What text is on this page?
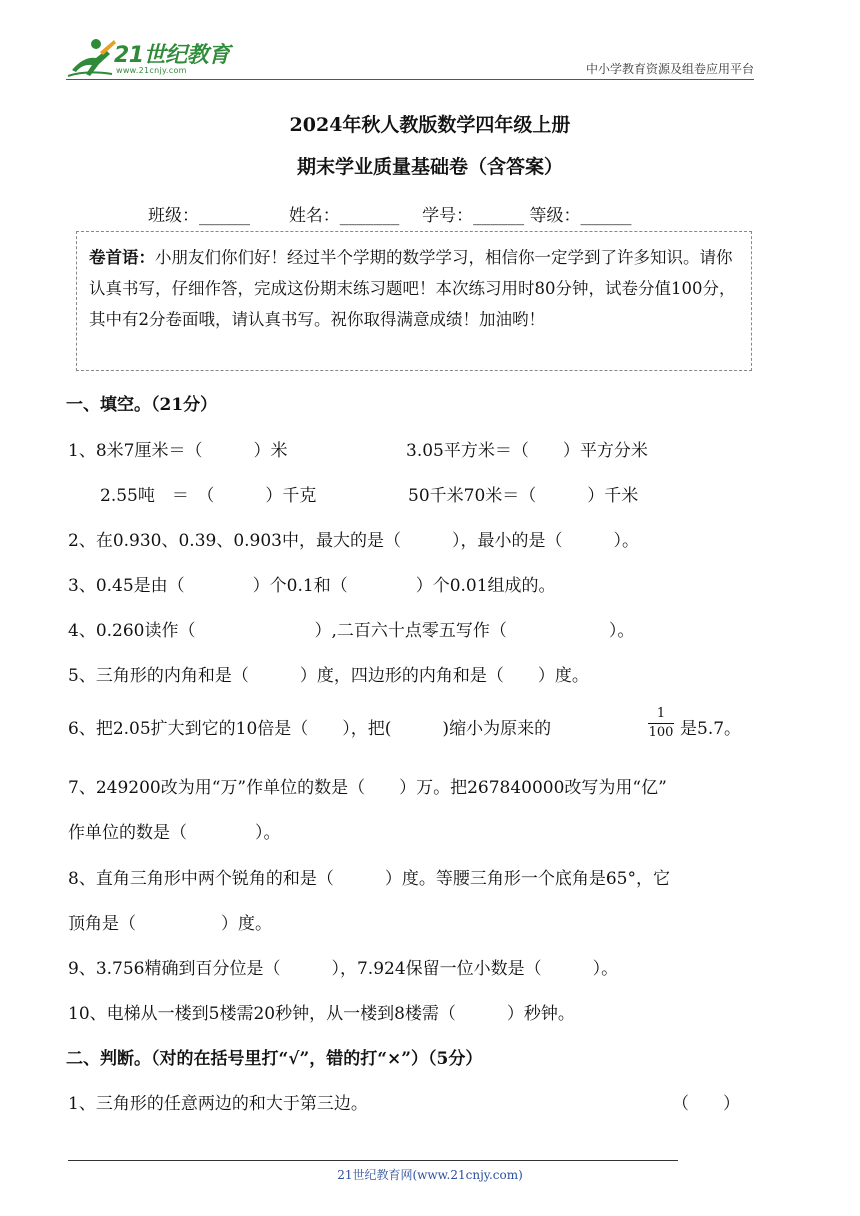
21世纪教育
www.21cnjy.com	中小学教育资源及组卷应用平台
2024年秋人教版数学四年级上册
期末学业质量基础卷（含答案）
班级：______ 姓名：_______ 学号：______ 等级：______
卷首语：小朋友们你们好！经过半个学期的数学学习，相信你一定学到了许多知识。请你认真书写，仔细作答，完成这份期末练习题吧！本次练习用时80分钟，试卷分值100分，其中有2分卷面哦，请认真书写。祝你取得满意成绩！加油哟！
一、填空。（21分）
1、8米7厘米＝（　　　）米	3.05平方米＝（　　）平方分米
2.55吨　＝　（　　　）千克	50千米70米＝（　　　）千米
2、在0.930、0.39、0.903中，最大的是（　　　），最小的是（　　　）。
3、0.45是由（　　　　）个0.1和（　　　　）个0.01组成的。
4、0.260读作（　　　　　　　）,二百六十点零五写作（　　　　　　）。
5、三角形的内角和是（　　　）度，四边形的内角和是（　　）度。
6、把2.05扩大到它的10倍是（　　），把(　　　)缩小为原来的
1
100 是5.7。
7、249200改为用“万”作单位的数是（　　）万。把267840000改写为用“亿”
作单位的数是（　　　　）。
8、直角三角形中两个锐角的和是（　　　）度。等腰三角形一个底角是65°，它
顶角是（　　　　　）度。
9、3.756精确到百分位是（　　　），7.924保留一位小数是（　　　）。
10、电梯从一楼到5楼需20秒钟，从一楼到8楼需（　　　）秒钟。
二、判断。（对的在括号里打“√”，错的打“×”）（5分）
1、三角形的任意两边的和大于第三边。	（　　）
21世纪教育网(www.21cnjy.com)
